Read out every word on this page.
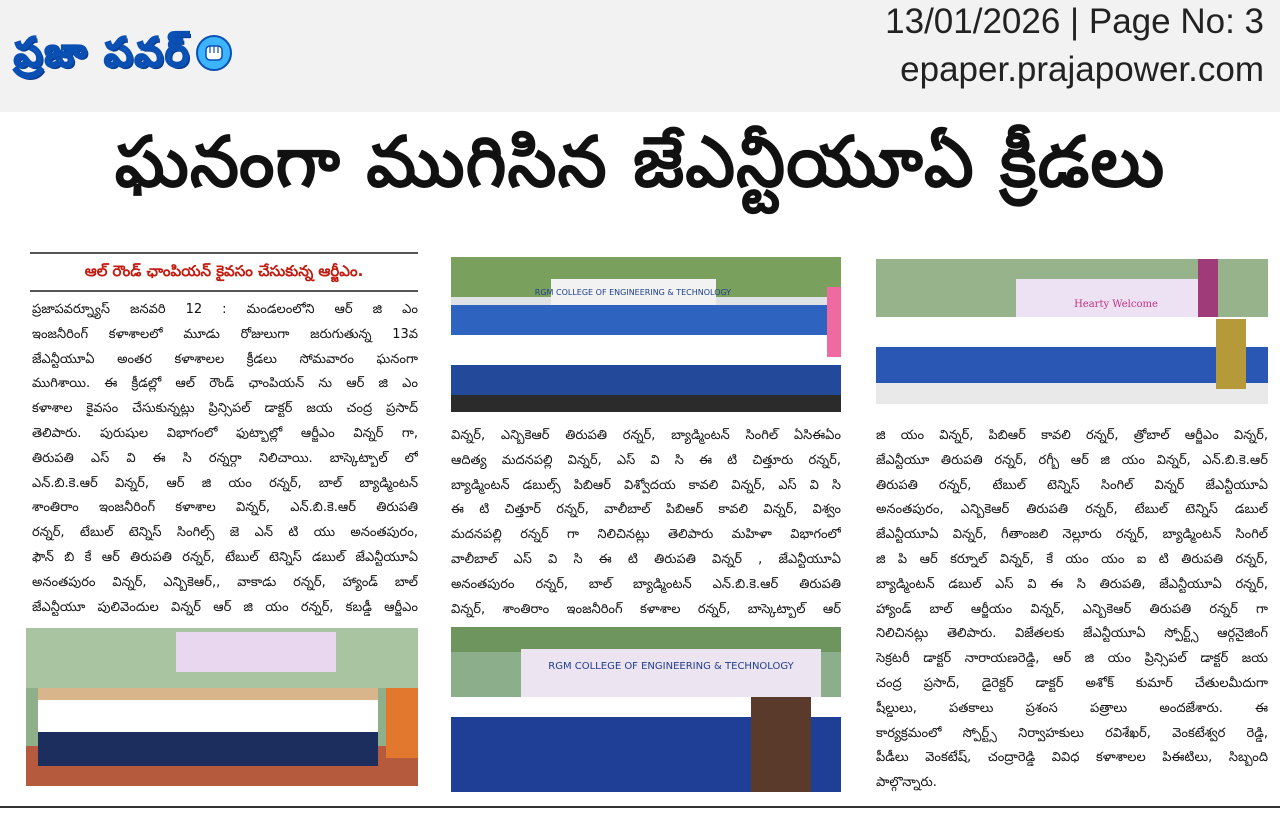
ప్రజా పవర్
13/01/2026 | Page No: 3
epaper.prajapower.com
ఘనంగా ముగిసిన జేఎన్టీయూఏ క్రీడలు
ఆల్ రౌండ్ ఛాంపియన్ కైవసం చేసుకున్న ఆర్జీఎం.
ప్రజాపవర్న్యూస్ జనవరి 12 : మండలంలోని ఆర్ జి ఎం
ఇంజనీరింగ్ కళాశాలలో మూడు రోజులుగా జరుగుతున్న 13వ
జేఎన్టీయూఏ అంతర కళాశాలల క్రీడలు సోమవారం ఘనంగా
ముగిశాయి. ఈ క్రీడల్లో ఆల్ రౌండ్ ఛాంపియన్ ను ఆర్ జి ఎం
కళాశాల కైవసం చేసుకున్నట్లు ప్రిన్సిపల్ డాక్టర్ జయ చంద్ర ప్రసాద్
తెలిపారు. పురుషుల విభాగంలో ఫుట్బాల్లో ఆర్జీఎం విన్నర్ గా,
తిరుపతి ఎస్ వి ఈ సి రన్నర్గా నిలిచాయి. బాస్కెట్బాల్ లో
ఎన్.బి.కె.ఆర్ విన్నర్, ఆర్ జి యం రన్నర్, బాల్ బ్యాడ్మింటన్
శాంతిరాం ఇంజనీరింగ్ కళాశాల విన్నర్, ఎన్.బి.కె.ఆర్ తిరుపతి
రన్నర్, టేబుల్ టెన్నిస్ సింగిల్స్ జె ఎన్ టి యు అనంతపురం,
ఫౌన్ బి కే ఆర్ తిరుపతి రన్నర్, టేబుల్ టెన్నిస్ డబుల్ జేఎన్టీయూఏ
అనంతపురం విన్నర్, ఎన్బికెఆర్,, వాకాడు రన్నర్, హ్యాండ్ బాల్
జేఎన్టీయూ పులివెందుల విన్నర్ ఆర్ జి యం రన్నర్, కబడ్డీ ఆర్జీఎం
RGM COLLEGE OF ENGINEERING & TECHNOLOGY
విన్నర్, ఎన్బికెఆర్ తిరుపతి రన్నర్, బ్యాడ్మింటన్ సింగిల్ ఏసిఈఏం
ఆదిత్య మదనపల్లి విన్నర్, ఎస్ వి సి ఈ టి చిత్తూరు రన్నర్,
బ్యాడ్మింటన్ డబుల్స్ పిబిఆర్ విశ్వోదయ కావలి విన్నర్, ఎస్ వి సి
ఈ టి చిత్తూర్ రన్నర్, వాలీబాల్ పిబిఆర్ కావలి విన్నర్, విశ్వం
మదనపల్లి రన్నర్ గా నిలిచినట్లు తెలిపారు మహిళా విభాగంలో
వాలీబాల్ ఎస్ వి సి ఈ టి తిరుపతి విన్నర్ , జేఎన్టీయూఏ
అనంతపురం రన్నర్, బాల్ బ్యాడ్మింటన్ ఎన్.బి.కె.ఆర్ తిరుపతి
విన్నర్, శాంతిరాం ఇంజనీరింగ్ కళాశాల రన్నర్, బాస్కెట్బాల్ ఆర్
RGM COLLEGE OF ENGINEERING & TECHNOLOGY
Hearty Welcome
జి యం విన్నర్, పిబిఆర్ కావలి రన్నర్, త్రోబాల్ ఆర్జీఎం విన్నర్,
జేఎన్టీయూ తిరుపతి రన్నర్, రగ్బీ ఆర్ జి యం విన్నర్, ఎన్.బి.కె.ఆర్
తిరుపతి రన్నర్, టేబుల్ టెన్నిస్ సింగిల్ విన్నర్ జేఎన్టీయూఏ
అనంతపురం, ఎన్బికెఆర్ తిరుపతి రన్నర్, టేబుల్ టెన్నిస్ డబుల్
జేఎన్టీయూఏ విన్నర్, గీతాంజలి నెల్లూరు రన్నర్, బ్యాడ్మింటన్ సింగిల్
జి పి ఆర్ కర్నూల్ విన్నర్, కే యం యం ఐ టి తిరుపతి రన్నర్,
బ్యాడ్మింటన్ డబుల్ ఎస్ వి ఈ సి తిరుపతి, జేఎన్టీయూఏ రన్నర్,
హ్యాండ్ బాల్ ఆర్జీయం విన్నర్, ఎన్బికెఆర్ తిరుపతి రన్నర్ గా
నిలిచినట్లు తెలిపారు. విజేతలకు జేఎన్టీయూఏ స్పోర్ట్స్ ఆర్గనైజింగ్
సెక్రటరీ డాక్టర్ నారాయణరెడ్డి, ఆర్ జి యం ప్రిన్సిపల్ డాక్టర్ జయ
చంద్ర ప్రసాద్, డైరెక్టర్ డాక్టర్ అశోక్ కుమార్ చేతులమీదుగా
షీల్డులు, పతకాలు ప్రశంస పత్రాలు అందజేశారు. ఈ
కార్యక్రమంలో స్పోర్ట్స్ నిర్వాహకులు రవిశేఖర్, వెంకటేశ్వర రెడ్డి,
పీడీలు వెంకటేష్, చంద్రారెడ్డి వివిధ కళాశాలల పిఈటిలు, సిబ్బంది
పాల్గొన్నారు.
